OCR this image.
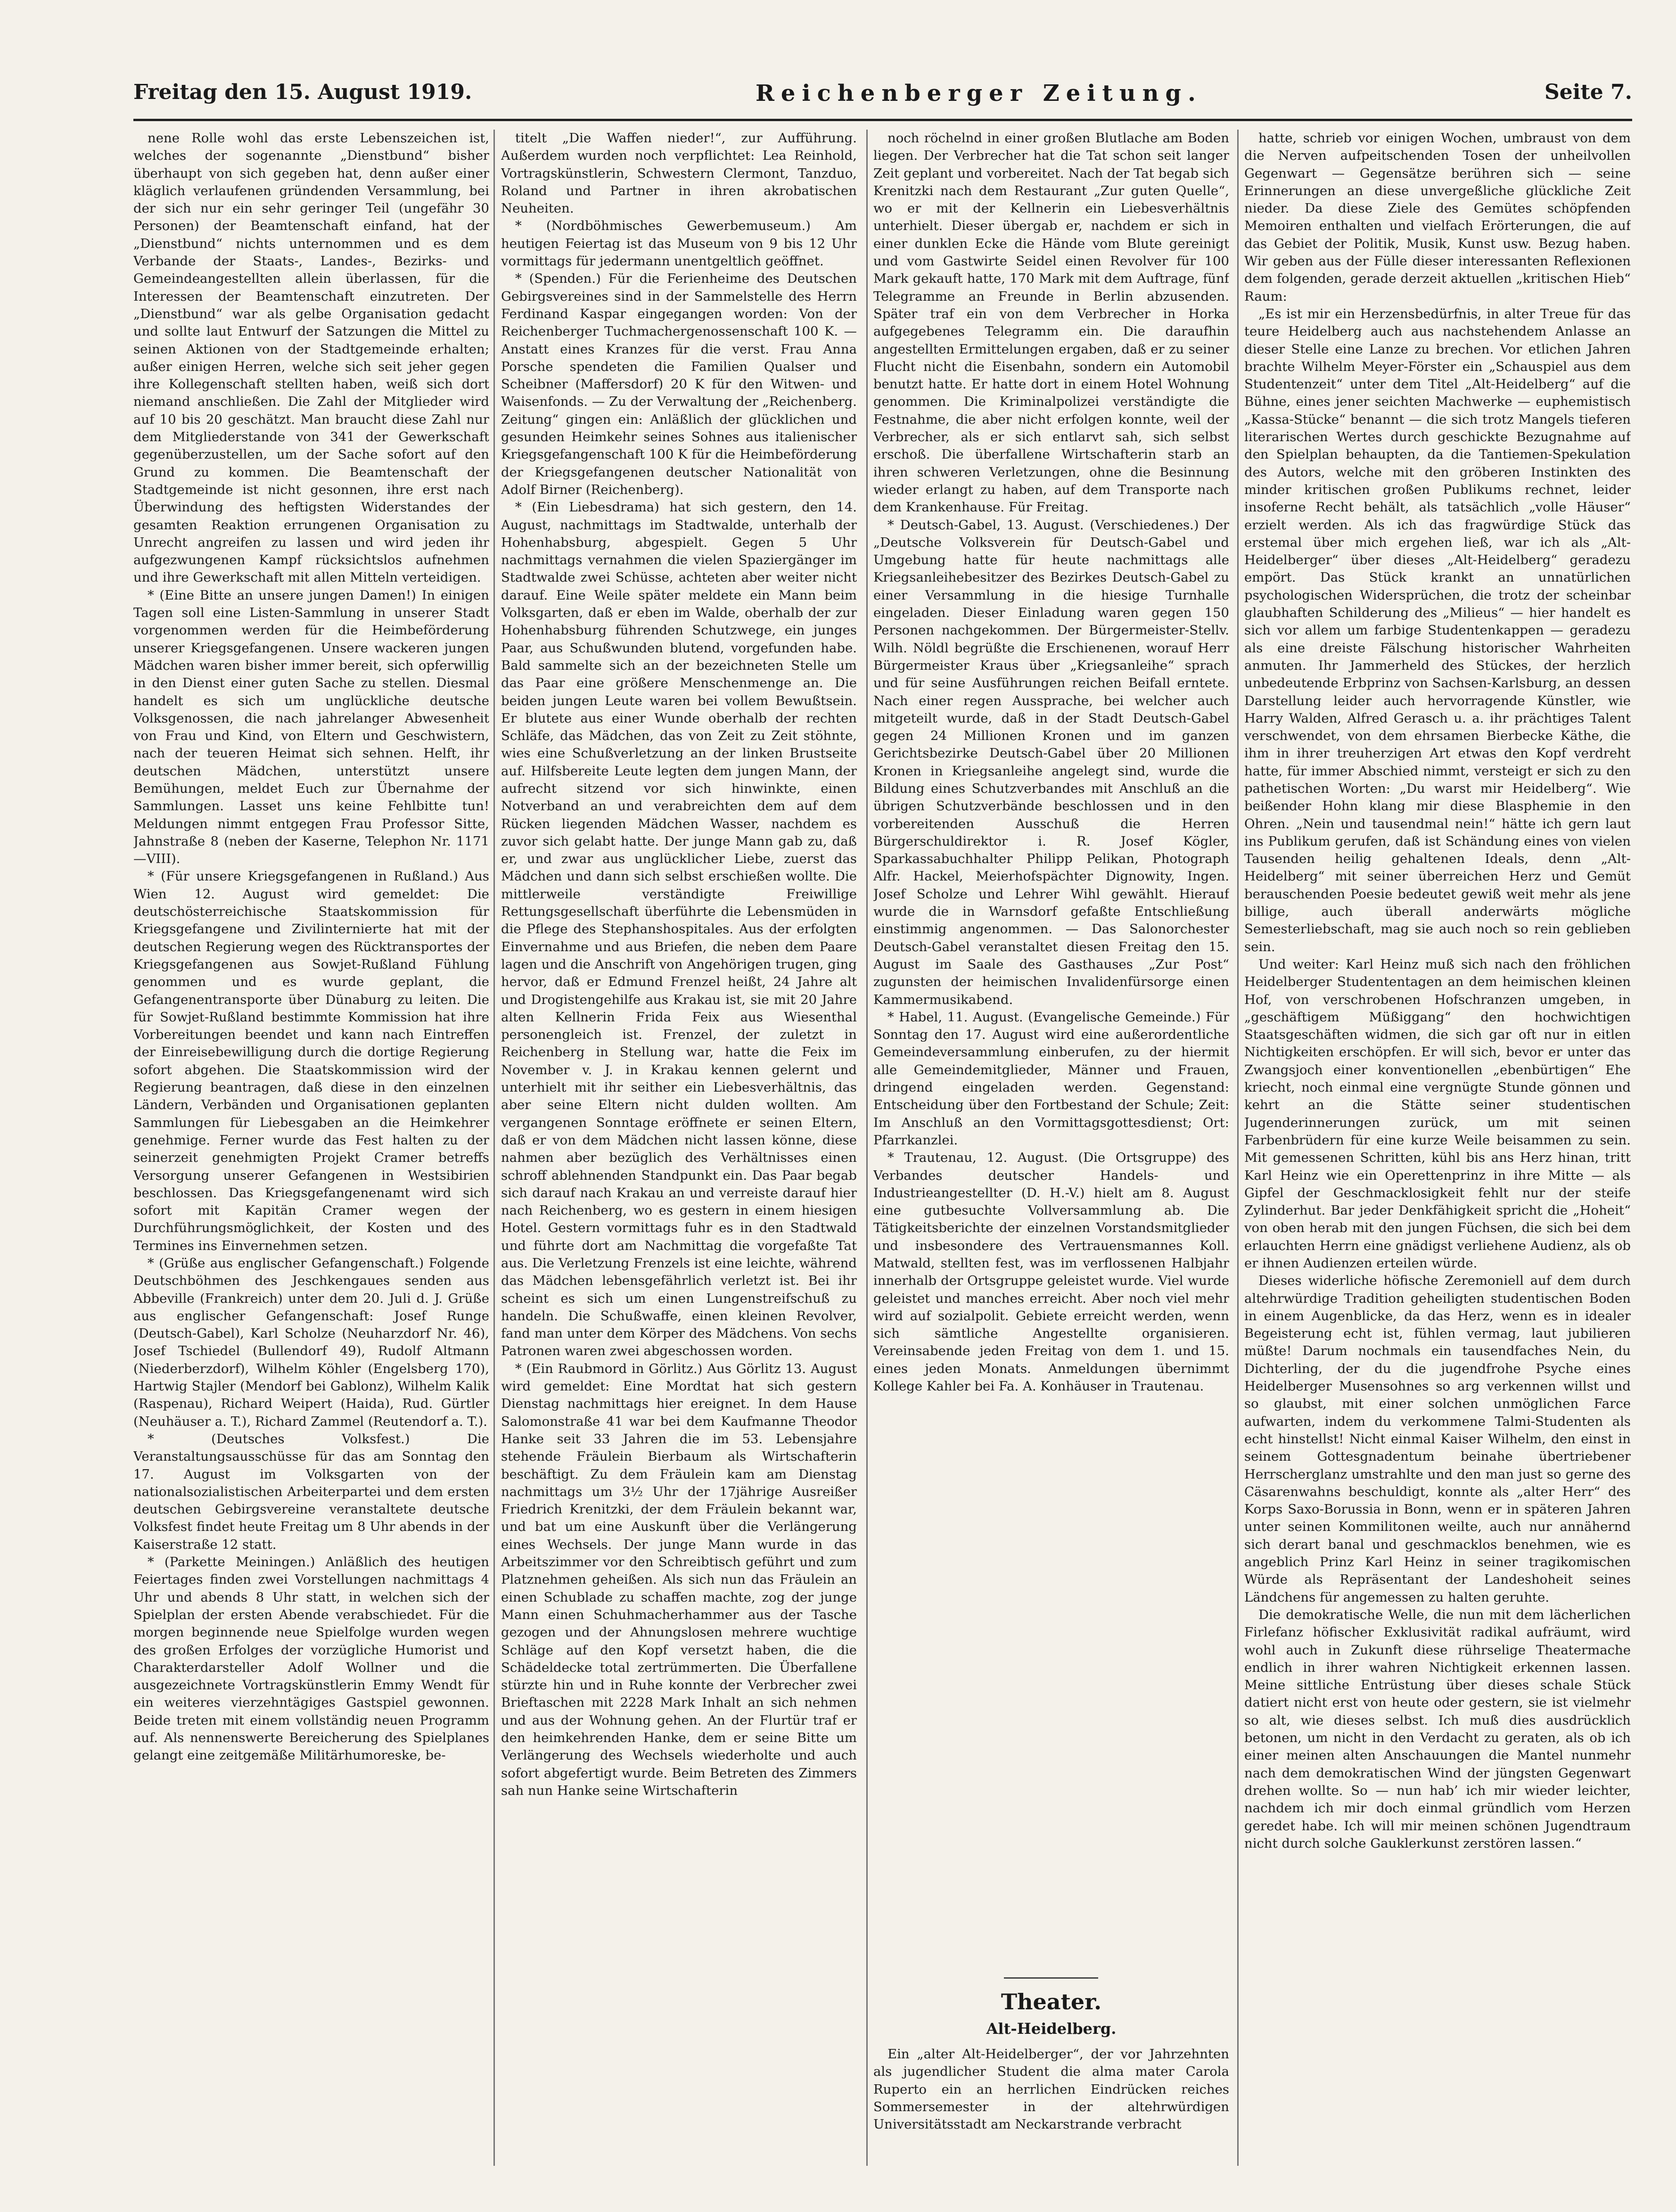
Freitag den 15. August 1919.	Reichenberger Zeitung.	Seite 7.

nene Rolle wohl das erste Lebenszeichen ist, welches der sogenannte „Dienstbund“ bisher überhaupt von sich gegeben hat, denn außer einer kläglich verlaufenen gründenden Versammlung, bei der sich nur ein sehr geringer Teil (ungefähr 30 Personen) der Beamtenschaft einfand, hat der „Dienstbund“ nichts unternommen und es dem Verbande der Staats-, Landes-, Bezirks- und Gemeindeangestellten allein überlassen, für die Interessen der Beamtenschaft einzutreten. Der „Dienstbund“ war als gelbe Organisation gedacht und sollte laut Entwurf der Satzungen die Mittel zu seinen Aktionen von der Stadtgemeinde erhalten; außer einigen Herren, welche sich seit jeher gegen ihre Kollegenschaft stellten haben, weiß sich dort niemand anschließen. Die Zahl der Mitglieder wird auf 10 bis 20 geschätzt. Man braucht diese Zahl nur dem Mitgliederstande von 341 der Gewerkschaft gegenüberzustellen, um der Sache sofort auf den Grund zu kommen. Die Beamtenschaft der Stadtgemeinde ist nicht gesonnen, ihre erst nach Überwindung des heftigsten Widerstandes der gesamten Reaktion errungenen Organisation zu Unrecht angreifen zu lassen und wird jeden ihr aufgezwungenen Kampf rücksichtslos aufnehmen und ihre Gewerkschaft mit allen Mitteln verteidigen.

* (Eine Bitte an unsere jungen Damen!) In einigen Tagen soll eine Listen-Sammlung in unserer Stadt vorgenommen werden für die Heimbeförderung unserer Kriegsgefangenen. Unsere wackeren jungen Mädchen waren bisher immer bereit, sich opferwillig in den Dienst einer guten Sache zu stellen. Diesmal handelt es sich um unglückliche deutsche Volksgenossen, die nach jahrelanger Abwesenheit von Frau und Kind, von Eltern und Geschwistern, nach der teueren Heimat sich sehnen. Helft, ihr deutschen Mädchen, unterstützt unsere Bemühungen, meldet Euch zur Übernahme der Sammlungen. Lasset uns keine Fehlbitte tun! Meldungen nimmt entgegen Frau Professor Sitte, Jahnstraße 8 (neben der Kaserne, Telephon Nr. 1171—VIII).

* (Für unsere Kriegsgefangenen in Rußland.) Aus Wien 12. August wird gemeldet: Die deutschösterreichische Staatskommission für Kriegsgefangene und Zivilinternierte hat mit der deutschen Regierung wegen des Rücktransportes der Kriegsgefangenen aus Sowjet-Rußland Fühlung genommen und es wurde geplant, die Gefangenentransporte über Dünaburg zu leiten. Die für Sowjet-Rußland bestimmte Kommission hat ihre Vorbereitungen beendet und kann nach Eintreffen der Einreisebewilligung durch die dortige Regierung sofort abgehen. Die Staatskommission wird der Regierung beantragen, daß diese in den einzelnen Ländern, Verbänden und Organisationen geplanten Sammlungen für Liebesgaben an die Heimkehrer genehmige. Ferner wurde das Fest halten zu der seinerzeit genehmigten Projekt Cramer betreffs Versorgung unserer Gefangenen in Westsibirien beschlossen. Das Kriegsgefangenenamt wird sich sofort mit Kapitän Cramer wegen der Durchführungsmöglichkeit, der Kosten und des Termines ins Einvernehmen setzen.

* (Grüße aus englischer Gefangenschaft.) Folgende Deutschböhmen des Jeschkengaues senden aus Abbeville (Frankreich) unter dem 20. Juli d. J. Grüße aus englischer Gefangenschaft: Josef Runge (Deutsch-Gabel), Karl Scholze (Neuharzdorf Nr. 46), Josef Tschiedel (Bullendorf 49), Rudolf Altmann (Niederberzdorf), Wilhelm Köhler (Engelsberg 170), Hartwig Stajler (Mendorf bei Gablonz), Wilhelm Kalik (Raspenau), Richard Weipert (Haida), Rud. Gürtler (Neuhäuser a. T.), Richard Zammel (Reutendorf a. T.).

* (Deutsches Volksfest.) Die Veranstaltungsausschüsse für das am Sonntag den 17. August im Volksgarten von der nationalsozialistischen Arbeiterpartei und dem ersten deutschen Gebirgsvereine veranstaltete deutsche Volksfest findet heute Freitag um 8 Uhr abends in der Kaiserstraße 12 statt.

* (Parkette Meiningen.) Anläßlich des heutigen Feiertages finden zwei Vorstellungen nachmittags 4 Uhr und abends 8 Uhr statt, in welchen sich der Spielplan der ersten Abende verabschiedet. Für die morgen beginnende neue Spielfolge wurden wegen des großen Erfolges der vorzügliche Humorist und Charakterdarsteller Adolf Wollner und die ausgezeichnete Vortragskünstlerin Emmy Wendt für ein weiteres vierzehntägiges Gastspiel gewonnen. Beide treten mit einem vollständig neuen Programm auf. Als nennenswerte Bereicherung des Spielplanes gelangt eine zeitgemäße Militärhumoreske, be-

titelt „Die Waffen nieder!“, zur Aufführung. Außerdem wurden noch verpflichtet: Lea Reinhold, Vortragskünstlerin, Schwestern Clermont, Tanzduo, Roland und Partner in ihren akrobatischen Neuheiten.

* (Nordböhmisches Gewerbemuseum.) Am heutigen Feiertag ist das Museum von 9 bis 12 Uhr vormittags für jedermann unentgeltlich geöffnet.

* (Spenden.) Für die Ferienheime des Deutschen Gebirgsvereines sind in der Sammelstelle des Herrn Ferdinand Kaspar eingegangen worden: Von der Reichenberger Tuchmachergenossenschaft 100 K. — Anstatt eines Kranzes für die verst. Frau Anna Porsche spendeten die Familien Qualser und Scheibner (Maffersdorf) 20 K für den Witwen- und Waisenfonds. — Zu der Verwaltung der „Reichenberg. Zeitung“ gingen ein: Anläßlich der glücklichen und gesunden Heimkehr seines Sohnes aus italienischer Kriegsgefangenschaft 100 K für die Heimbeförderung der Kriegsgefangenen deutscher Nationalität von Adolf Birner (Reichenberg).

* (Ein Liebesdrama) hat sich gestern, den 14. August, nachmittags im Stadtwalde, unterhalb der Hohenhabsburg, abgespielt. Gegen 5 Uhr nachmittags vernahmen die vielen Spaziergänger im Stadtwalde zwei Schüsse, achteten aber weiter nicht darauf. Eine Weile später meldete ein Mann beim Volksgarten, daß er eben im Walde, oberhalb der zur Hohenhabsburg führenden Schutzwege, ein junges Paar, aus Schußwunden blutend, vorgefunden habe. Bald sammelte sich an der bezeichneten Stelle um das Paar eine größere Menschenmenge an. Die beiden jungen Leute waren bei vollem Bewußtsein. Er blutete aus einer Wunde oberhalb der rechten Schläfe, das Mädchen, das von Zeit zu Zeit stöhnte, wies eine Schußverletzung an der linken Brustseite auf. Hilfsbereite Leute legten dem jungen Mann, der aufrecht sitzend vor sich hinwinkte, einen Notverband an und verabreichten dem auf dem Rücken liegenden Mädchen Wasser, nachdem es zuvor sich gelabt hatte. Der junge Mann gab zu, daß er, und zwar aus unglücklicher Liebe, zuerst das Mädchen und dann sich selbst erschießen wollte. Die mittlerweile verständigte Freiwillige Rettungsgesellschaft überführte die Lebensmüden in die Pflege des Stephanshospitales. Aus der erfolgten Einvernahme und aus Briefen, die neben dem Paare lagen und die Anschrift von Angehörigen trugen, ging hervor, daß er Edmund Frenzel heißt, 24 Jahre alt und Drogistengehilfe aus Krakau ist, sie mit 20 Jahre alten Kellnerin Frida Feix aus Wiesenthal personengleich ist. Frenzel, der zuletzt in Reichenberg in Stellung war, hatte die Feix im November v. J. in Krakau kennen gelernt und unterhielt mit ihr seither ein Liebesverhältnis, das aber seine Eltern nicht dulden wollten. Am vergangenen Sonntage eröffnete er seinen Eltern, daß er von dem Mädchen nicht lassen könne, diese nahmen aber bezüglich des Verhältnisses einen schroff ablehnenden Standpunkt ein. Das Paar begab sich darauf nach Krakau an und verreiste darauf hier nach Reichenberg, wo es gestern in einem hiesigen Hotel. Gestern vormittags fuhr es in den Stadtwald und führte dort am Nachmittag die vorgefaßte Tat aus. Die Verletzung Frenzels ist eine leichte, während das Mädchen lebensgefährlich verletzt ist. Bei ihr scheint es sich um einen Lungenstreifschuß zu handeln. Die Schußwaffe, einen kleinen Revolver, fand man unter dem Körper des Mädchens. Von sechs Patronen waren zwei abgeschossen worden.

* (Ein Raubmord in Görlitz.) Aus Görlitz 13. August wird gemeldet: Eine Mordtat hat sich gestern Dienstag nachmittags hier ereignet. In dem Hause Salomonstraße 41 war bei dem Kaufmanne Theodor Hanke seit 33 Jahren die im 53. Lebensjahre stehende Fräulein Bierbaum als Wirtschafterin beschäftigt. Zu dem Fräulein kam am Dienstag nachmittags um 3½ Uhr der 17jährige Ausreißer Friedrich Krenitzki, der dem Fräulein bekannt war, und bat um eine Auskunft über die Verlängerung eines Wechsels. Der junge Mann wurde in das Arbeitszimmer vor den Schreibtisch geführt und zum Platznehmen geheißen. Als sich nun das Fräulein an einen Schublade zu schaffen machte, zog der junge Mann einen Schuhmacherhammer aus der Tasche gezogen und der Ahnungslosen mehrere wuchtige Schläge auf den Kopf versetzt haben, die die Schädeldecke total zertrümmerten. Die Überfallene stürzte hin und in Ruhe konnte der Verbrecher zwei Brieftaschen mit 2228 Mark Inhalt an sich nehmen und aus der Wohnung gehen. An der Flurtür traf er den heimkehrenden Hanke, dem er seine Bitte um Verlängerung des Wechsels wiederholte und auch sofort abgefertigt wurde. Beim Betreten des Zimmers sah nun Hanke seine Wirtschafterin

noch röchelnd in einer großen Blutlache am Boden liegen. Der Verbrecher hat die Tat schon seit langer Zeit geplant und vorbereitet. Nach der Tat begab sich Krenitzki nach dem Restaurant „Zur guten Quelle“, wo er mit der Kellnerin ein Liebesverhältnis unterhielt. Dieser übergab er, nachdem er sich in einer dunklen Ecke die Hände vom Blute gereinigt und vom Gastwirte Seidel einen Revolver für 100 Mark gekauft hatte, 170 Mark mit dem Auftrage, fünf Telegramme an Freunde in Berlin abzusenden. Später traf ein von dem Verbrecher in Horka aufgegebenes Telegramm ein. Die daraufhin angestellten Ermittelungen ergaben, daß er zu seiner Flucht nicht die Eisenbahn, sondern ein Automobil benutzt hatte. Er hatte dort in einem Hotel Wohnung genommen. Die Kriminalpolizei verständigte die Festnahme, die aber nicht erfolgen konnte, weil der Verbrecher, als er sich entlarvt sah, sich selbst erschoß. Die überfallene Wirtschafterin starb an ihren schweren Verletzungen, ohne die Besinnung wieder erlangt zu haben, auf dem Transporte nach dem Krankenhause. Für Freitag.

* Deutsch-Gabel, 13. August. (Verschiedenes.) Der „Deutsche Volksverein für Deutsch-Gabel und Umgebung hatte für heute nachmittags alle Kriegsanleihebesitzer des Bezirkes Deutsch-Gabel zu einer Versammlung in die hiesige Turnhalle eingeladen. Dieser Einladung waren gegen 150 Personen nachgekommen. Der Bürgermeister-Stellv. Wilh. Nöldl begrüßte die Erschienenen, worauf Herr Bürgermeister Kraus über „Kriegsanleihe“ sprach und für seine Ausführungen reichen Beifall erntete. Nach einer regen Aussprache, bei welcher auch mitgeteilt wurde, daß in der Stadt Deutsch-Gabel gegen 24 Millionen Kronen und im ganzen Gerichtsbezirke Deutsch-Gabel über 20 Millionen Kronen in Kriegsanleihe angelegt sind, wurde die Bildung eines Schutzverbandes mit Anschluß an die übrigen Schutzverbände beschlossen und in den vorbereitenden Ausschuß die Herren Bürgerschuldirektor i. R. Josef Kögler, Sparkassabuchhalter Philipp Pelikan, Photograph Alfr. Hackel, Meierhofspächter Dignowity, Ingen. Josef Scholze und Lehrer Wihl gewählt. Hierauf wurde die in Warnsdorf gefaßte Entschließung einstimmig angenommen. — Das Salonorchester Deutsch-Gabel veranstaltet diesen Freitag den 15. August im Saale des Gasthauses „Zur Post“ zugunsten der heimischen Invalidenfürsorge einen Kammermusikabend.

* Habel, 11. August. (Evangelische Gemeinde.) Für Sonntag den 17. August wird eine außerordentliche Gemeindeversammlung einberufen, zu der hiermit alle Gemeindemitglieder, Männer und Frauen, dringend eingeladen werden. Gegenstand: Entscheidung über den Fortbestand der Schule; Zeit: Im Anschluß an den Vormittagsgottesdienst; Ort: Pfarrkanzlei.

* Trautenau, 12. August. (Die Ortsgruppe) des Verbandes deutscher Handels- und Industrieangestellter (D. H.-V.) hielt am 8. August eine gutbesuchte Vollversammlung ab. Die Tätigkeitsberichte der einzelnen Vorstandsmitglieder und insbesondere des Vertrauensmannes Koll. Matwald, stellten fest, was im verflossenen Halbjahr innerhalb der Ortsgruppe geleistet wurde. Viel wurde geleistet und manches erreicht. Aber noch viel mehr wird auf sozialpolit. Gebiete erreicht werden, wenn sich sämtliche Angestellte organisieren. Vereinsabende jeden Freitag von dem 1. und 15. eines jeden Monats. Anmeldungen übernimmt Kollege Kahler bei Fa. A. Konhäuser in Trautenau.

Theater.
Alt-Heidelberg.

Ein „alter Alt-Heidelberger“, der vor Jahrzehnten als jugendlicher Student die alma mater Carola Ruperto ein an herrlichen Eindrücken reiches Sommersemester in der altehrwürdigen Universitätsstadt am Neckarstrande verbracht

hatte, schrieb vor einigen Wochen, umbraust von dem die Nerven aufpeitschenden Tosen der unheilvollen Gegenwart — Gegensätze berühren sich — seine Erinnerungen an diese unvergeßliche glückliche Zeit nieder. Da diese Ziele des Gemütes schöpfenden Memoiren enthalten und vielfach Erörterungen, die auf das Gebiet der Politik, Musik, Kunst usw. Bezug haben. Wir geben aus der Fülle dieser interessanten Reflexionen dem folgenden, gerade derzeit aktuellen „kritischen Hieb“ Raum:

„Es ist mir ein Herzensbedürfnis, in alter Treue für das teure Heidelberg auch aus nachstehendem Anlasse an dieser Stelle eine Lanze zu brechen. Vor etlichen Jahren brachte Wilhelm Meyer-Förster ein „Schauspiel aus dem Studentenzeit“ unter dem Titel „Alt-Heidelberg“ auf die Bühne, eines jener seichten Machwerke — euphemistisch „Kassa-Stücke“ benannt — die sich trotz Mangels tieferen literarischen Wertes durch geschickte Bezugnahme auf den Spielplan behaupten, da die Tantiemen-Spekulation des Autors, welche mit den gröberen Instinkten des minder kritischen großen Publikums rechnet, leider insoferne Recht behält, als tatsächlich „volle Häuser“ erzielt werden. Als ich das fragwürdige Stück das erstemal über mich ergehen ließ, war ich als „Alt-Heidelberger“ über dieses „Alt-Heidelberg“ geradezu empört. Das Stück krankt an unnatürlichen psychologischen Widersprüchen, die trotz der scheinbar glaubhaften Schilderung des „Milieus“ — hier handelt es sich vor allem um farbige Studentenkappen — geradezu als eine dreiste Fälschung historischer Wahrheiten anmuten. Ihr Jammerheld des Stückes, der herzlich unbedeutende Erbprinz von Sachsen-Karlsburg, an dessen Darstellung leider auch hervorragende Künstler, wie Harry Walden, Alfred Gerasch u. a. ihr prächtiges Talent verschwendet, von dem ehrsamen Bierbecke Käthe, die ihm in ihrer treuherzigen Art etwas den Kopf verdreht hatte, für immer Abschied nimmt, versteigt er sich zu den pathetischen Worten: „Du warst mir Heidelberg“. Wie beißender Hohn klang mir diese Blasphemie in den Ohren. „Nein und tausendmal nein!“ hätte ich gern laut ins Publikum gerufen, daß ist Schändung eines von vielen Tausenden heilig gehaltenen Ideals, denn „Alt-Heidelberg“ mit seiner überreichen Herz und Gemüt berauschenden Poesie bedeutet gewiß weit mehr als jene billige, auch überall anderwärts mögliche Semesterliebschaft, mag sie auch noch so rein geblieben sein.

Und weiter: Karl Heinz muß sich nach den fröhlichen Heidelberger Studententagen an dem heimischen kleinen Hof, von verschrobenen Hofschranzen umgeben, in „geschäftigem Müßiggang“ den hochwichtigen Staatsgeschäften widmen, die sich gar oft nur in eitlen Nichtigkeiten erschöpfen. Er will sich, bevor er unter das Zwangsjoch einer konventionellen „ebenbürtigen“ Ehe kriecht, noch einmal eine vergnügte Stunde gönnen und kehrt an die Stätte seiner studentischen Jugenderinnerungen zurück, um mit seinen Farbenbrüdern für eine kurze Weile beisammen zu sein. Mit gemessenen Schritten, kühl bis ans Herz hinan, tritt Karl Heinz wie ein Operettenprinz in ihre Mitte — als Gipfel der Geschmacklosigkeit fehlt nur der steife Zylinderhut. Bar jeder Denkfähigkeit spricht die „Hoheit“ von oben herab mit den jungen Füchsen, die sich bei dem erlauchten Herrn eine gnädigst verliehene Audienz, als ob er ihnen Audienzen erteilen würde.

Dieses widerliche höfische Zeremoniell auf dem durch altehrwürdige Tradition geheiligten studentischen Boden in einem Augenblicke, da das Herz, wenn es in idealer Begeisterung echt ist, fühlen vermag, laut jubilieren müßte! Darum nochmals ein tausendfaches Nein, du Dichterling, der du die jugendfrohe Psyche eines Heidelberger Musensohnes so arg verkennen willst und so glaubst, mit einer solchen unmöglichen Farce aufwarten, indem du verkommene Talmi-Studenten als echt hinstellst! Nicht einmal Kaiser Wilhelm, den einst in seinem Gottesgnadentum beinahe übertriebener Herrscherglanz umstrahlte und den man just so gerne des Cäsarenwahns beschuldigt, konnte als „alter Herr“ des Korps Saxo-Borussia in Bonn, wenn er in späteren Jahren unter seinen Kommilitonen weilte, auch nur annähernd sich derart banal und geschmacklos benehmen, wie es angeblich Prinz Karl Heinz in seiner tragikomischen Würde als Repräsentant der Landeshoheit seines Ländchens für angemessen zu halten geruhte.

Die demokratische Welle, die nun mit dem lächerlichen Firlefanz höfischer Exklusivität radikal aufräumt, wird wohl auch in Zukunft diese rührselige Theatermache endlich in ihrer wahren Nichtigkeit erkennen lassen. Meine sittliche Entrüstung über dieses schale Stück datiert nicht erst von heute oder gestern, sie ist vielmehr so alt, wie dieses selbst. Ich muß dies ausdrücklich betonen, um nicht in den Verdacht zu geraten, als ob ich einer meinen alten Anschauungen die Mantel nunmehr nach dem demokratischen Wind der jüngsten Gegenwart drehen wollte. So — nun hab’ ich mir wieder leichter, nachdem ich mir doch einmal gründlich vom Herzen geredet habe. Ich will mir meinen schönen Jugendtraum nicht durch solche Gauklerkunst zerstören lassen.“
